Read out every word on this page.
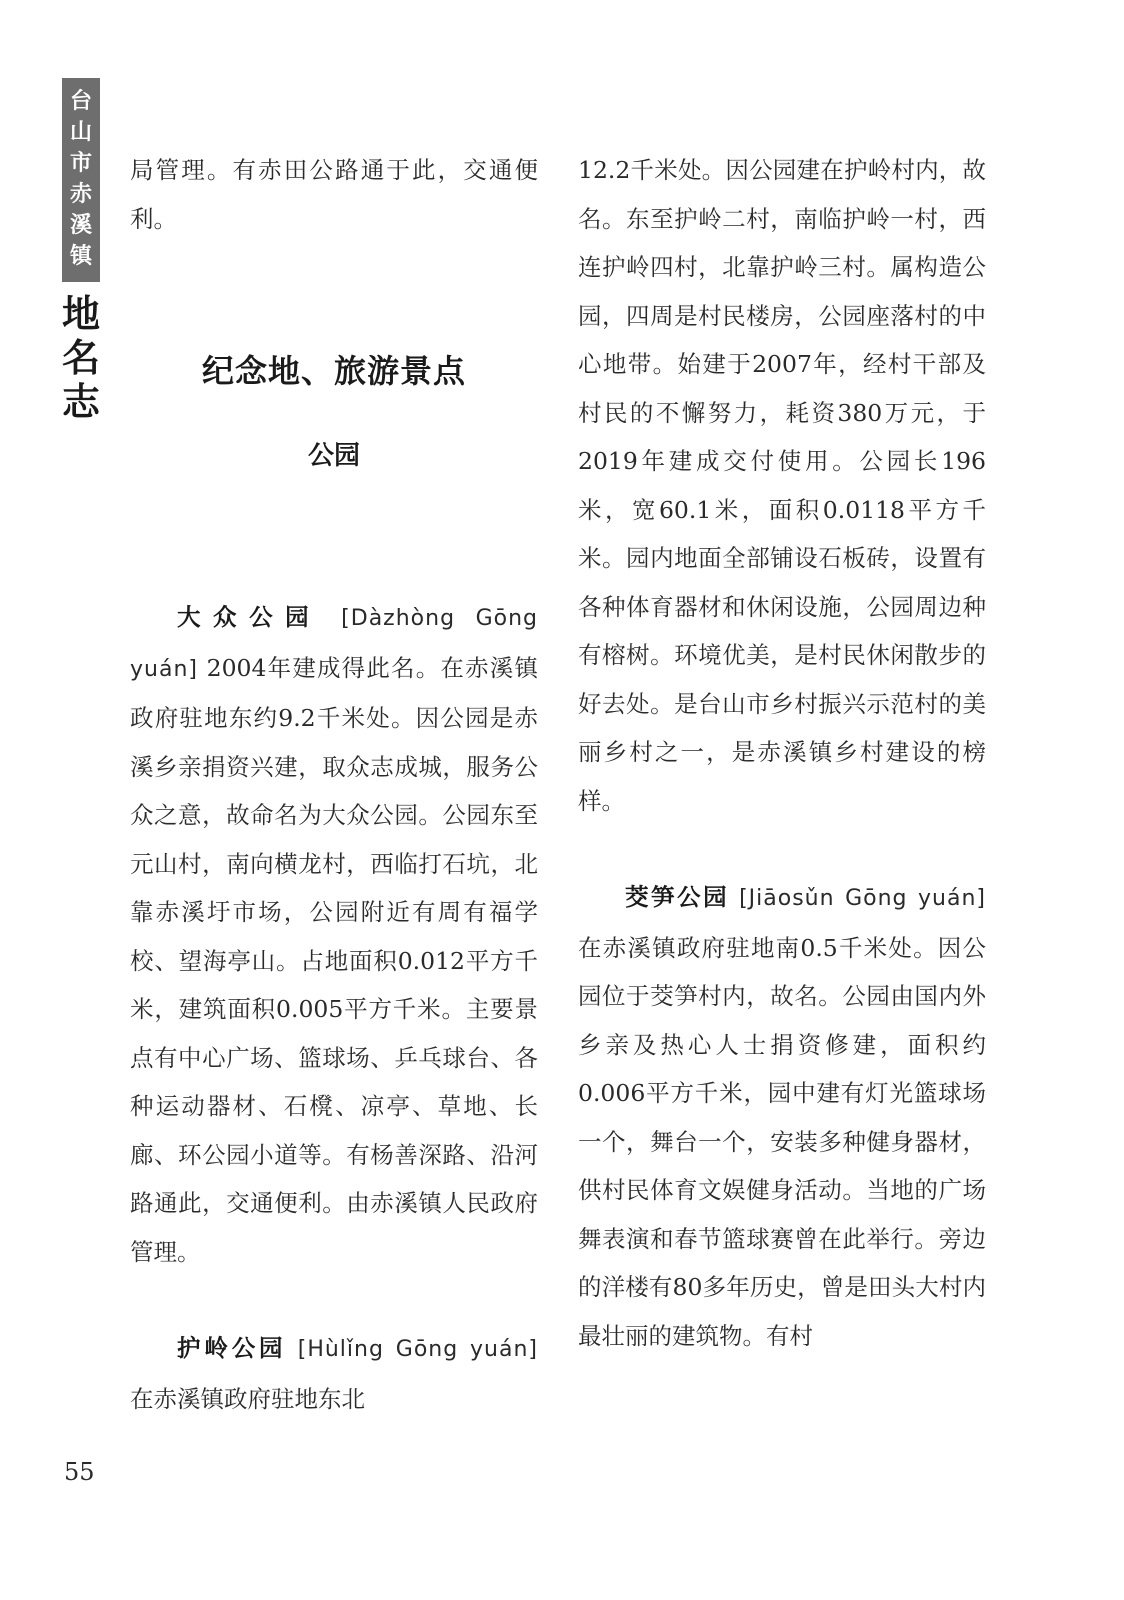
台山市赤溪镇
地名志

局管理。有赤田公路通于此，交通便利。

纪念地、旅游景点
公园

大众公园 [Dàzhòng Gōng yuán] 2004年建成得此名。在赤溪镇政府驻地东约9.2千米处。因公园是赤溪乡亲捐资兴建，取众志成城，服务公众之意，故命名为大众公园。公园东至元山村，南向横龙村，西临打石坑，北靠赤溪圩市场，公园附近有周有福学校、望海亭山。占地面积0.012平方千米，建筑面积0.005平方千米。主要景点有中心广场、篮球场、乒乓球台、各种运动器材、石櫈、凉亭、草地、长廊、环公园小道等。有杨善深路、沿河路通此，交通便利。由赤溪镇人民政府管理。

护岭公园 [Hùlǐng Gōng yuán] 在赤溪镇政府驻地东北

12.2千米处。因公园建在护岭村内，故名。东至护岭二村，南临护岭一村，西连护岭四村，北靠护岭三村。属构造公园，四周是村民楼房，公园座落村的中心地带。始建于2007年，经村干部及村民的不懈努力，耗资380万元，于2019年建成交付使用。公园长196米，宽60.1米，面积0.0118平方千米。园内地面全部铺设石板砖，设置有各种体育器材和休闲设施，公园周边种有榕树。环境优美，是村民休闲散步的好去处。是台山市乡村振兴示范村的美丽乡村之一，是赤溪镇乡村建设的榜样。

茭笋公园 [Jiāosǔn Gōng yuán] 在赤溪镇政府驻地南0.5千米处。因公园位于茭笋村内，故名。公园由国内外乡亲及热心人士捐资修建，面积约0.006平方千米，园中建有灯光篮球场一个，舞台一个，安装多种健身器材，供村民体育文娱健身活动。当地的广场舞表演和春节篮球赛曾在此举行。旁边的洋楼有80多年历史，曾是田头大村内最壮丽的建筑物。有村

55
